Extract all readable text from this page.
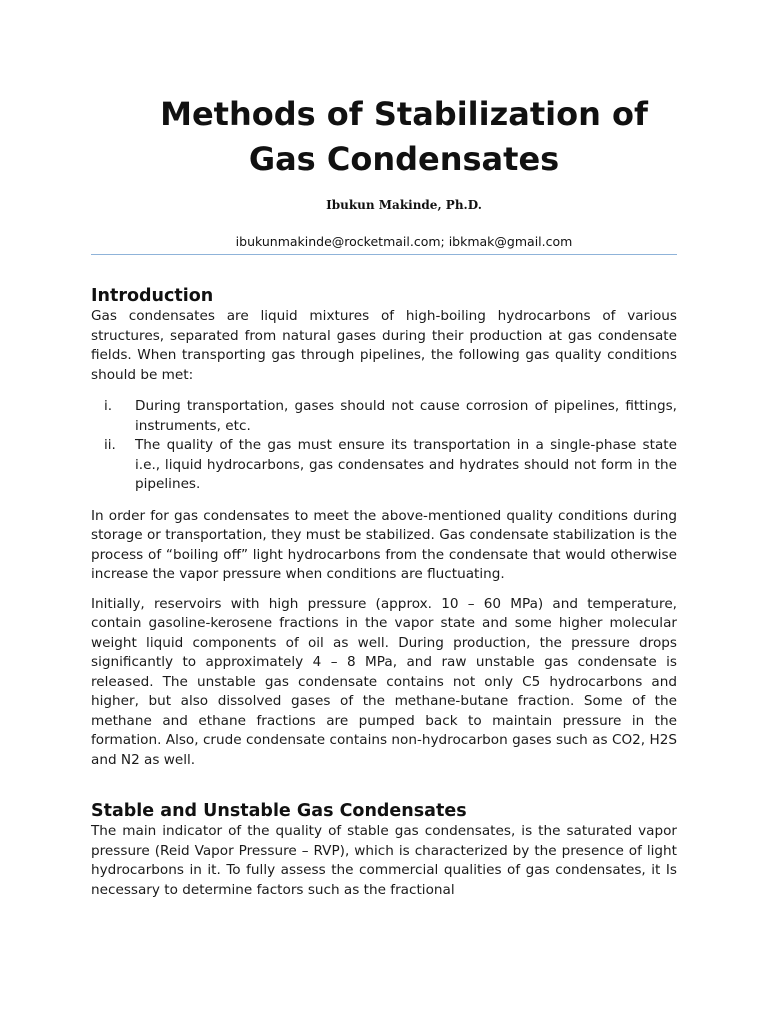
Methods of Stabilization of Gas Condensates
Ibukun Makinde, Ph.D.
ibukunmakinde@rocketmail.com; ibkmak@gmail.com
Introduction

Gas condensates are liquid mixtures of high-boiling hydrocarbons of various structures, separated from natural gases during their production at gas condensate fields. When transporting gas through pipelines, the following gas quality conditions should be met:

i. During transportation, gases should not cause corrosion of pipelines, fittings, instruments, etc.
ii. The quality of the gas must ensure its transportation in a single-phase state i.e., liquid hydrocarbons, gas condensates and hydrates should not form in the pipelines.

In order for gas condensates to meet the above-mentioned quality conditions during storage or transportation, they must be stabilized. Gas condensate stabilization is the process of “boiling off” light hydrocarbons from the condensate that would otherwise increase the vapor pressure when conditions are fluctuating.

Initially, reservoirs with high pressure (approx. 10 – 60 MPa) and temperature, contain gasoline-kerosene fractions in the vapor state and some higher molecular weight liquid components of oil as well. During production, the pressure drops significantly to approximately 4 – 8 MPa, and raw unstable gas condensate is released. The unstable gas condensate contains not only C5 hydrocarbons and higher, but also dissolved gases of the methane-butane fraction. Some of the methane and ethane fractions are pumped back to maintain pressure in the formation. Also, crude condensate contains non-hydrocarbon gases such as CO2, H2S and N2 as well.

Stable and Unstable Gas Condensates

The main indicator of the quality of stable gas condensates, is the saturated vapor pressure (Reid Vapor Pressure – RVP), which is characterized by the presence of light hydrocarbons in it. To fully assess the commercial qualities of gas condensates, it Is necessary to determine factors such as the fractional
